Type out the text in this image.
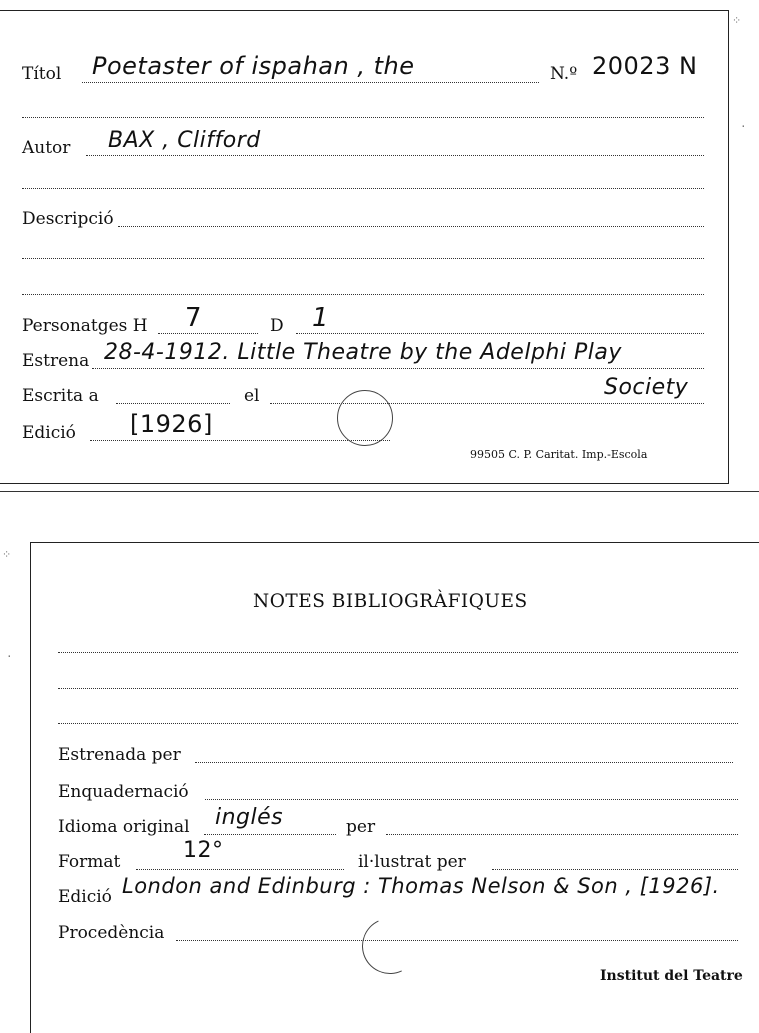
Títol Poetaster of ispahan , the	N.º 20023 N
Autor BAX , Clifford
Descripció
Personatges H 7	D 1
Estrena 28-4-1912. Little Theatre by the Adelphi Play
Society
Escrita a	el
Edició [1926]
99505 C. P. Caritat. Imp.-Escola
⁘
·
⁘
·
NOTES BIBLIOGRÀFIQUES
Estrenada per
Enquadernació
Idioma original inglés	per
Format	12°	il·lustrat per
Edició London and Edinburg : Thomas Nelson & Son , [1926].
Procedència
Institut del Teatre
